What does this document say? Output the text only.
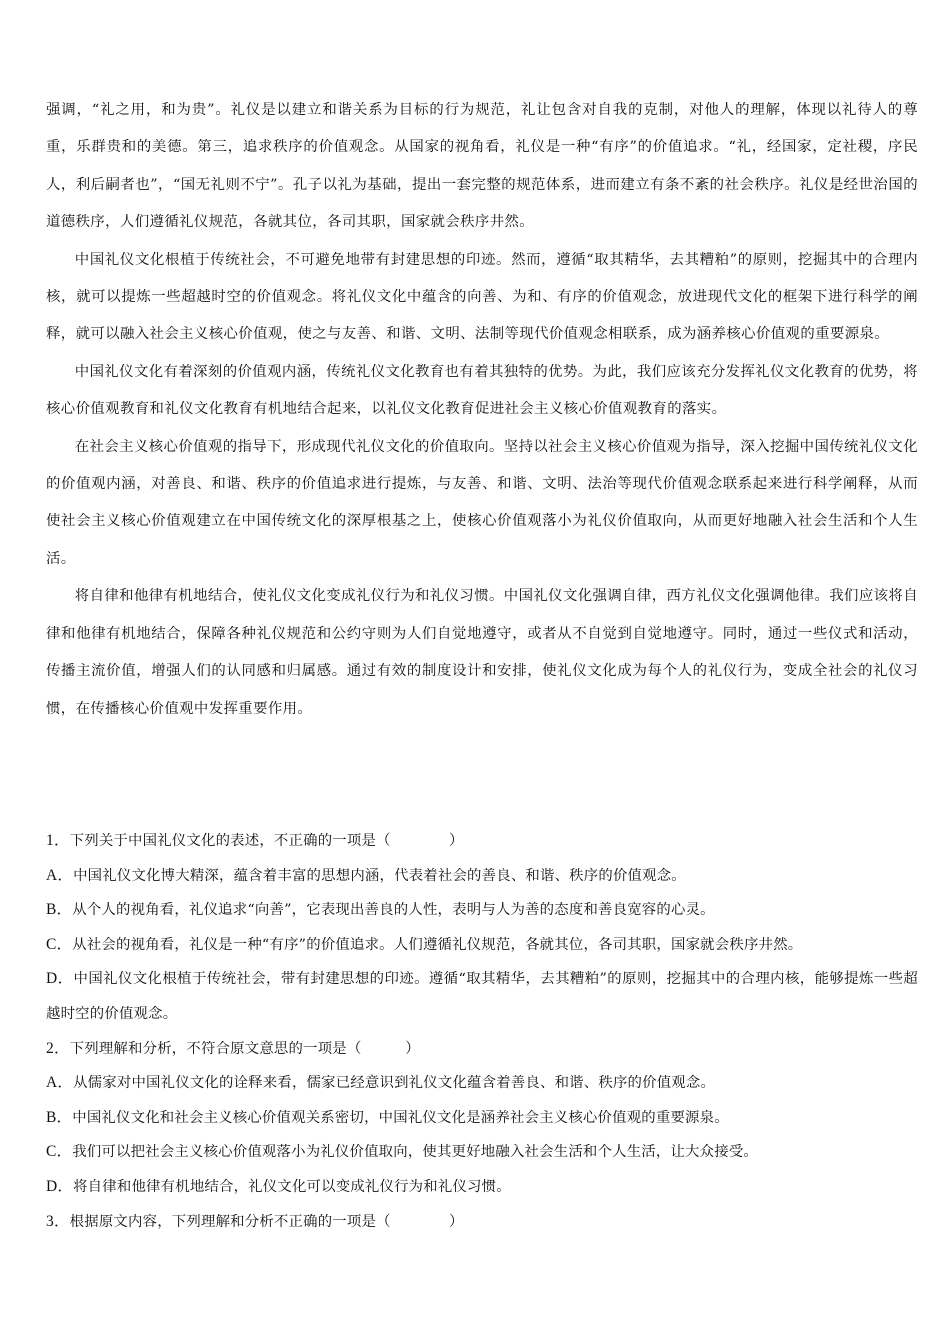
强调，“礼之用，和为贵”。礼仪是以建立和谐关系为目标的行为规范，礼让包含对自我的克制，对他人的理解，体现以礼待人的尊重，乐群贵和的美德。第三，追求秩序的价值观念。从国家的视角看，礼仪是一种“有序”的价值追求。“礼，经国家，定社稷，序民人，利后嗣者也”，“国无礼则不宁”。孔子以礼为基础，提出一套完整的规范体系，进而建立有条不紊的社会秩序。礼仪是经世治国的道德秩序，人们遵循礼仪规范，各就其位，各司其职，国家就会秩序井然。

中国礼仪文化根植于传统社会，不可避免地带有封建思想的印迹。然而，遵循“取其精华，去其糟粕”的原则，挖掘其中的合理内核，就可以提炼一些超越时空的价值观念。将礼仪文化中蕴含的向善、为和、有序的价值观念，放进现代文化的框架下进行科学的阐释，就可以融入社会主义核心价值观，使之与友善、和谐、文明、法制等现代价值观念相联系，成为涵养核心价值观的重要源泉。

中国礼仪文化有着深刻的价值观内涵，传统礼仪文化教育也有着其独特的优势。为此，我们应该充分发挥礼仪文化教育的优势，将核心价值观教育和礼仪文化教育有机地结合起来，以礼仪文化教育促进社会主义核心价值观教育的落实。

在社会主义核心价值观的指导下，形成现代礼仪文化的价值取向。坚持以社会主义核心价值观为指导，深入挖掘中国传统礼仪文化的价值观内涵，对善良、和谐、秩序的价值追求进行提炼，与友善、和谐、文明、法治等现代价值观念联系起来进行科学阐释，从而使社会主义核心价值观建立在中国传统文化的深厚根基之上，使核心价值观落小为礼仪价值取向，从而更好地融入社会生活和个人生活。

将自律和他律有机地结合，使礼仪文化变成礼仪行为和礼仪习惯。中国礼仪文化强调自律，西方礼仪文化强调他律。我们应该将自律和他律有机地结合，保障各种礼仪规范和公约守则为人们自觉地遵守，或者从不自觉到自觉地遵守。同时，通过一些仪式和活动，传播主流价值，增强人们的认同感和归属感。通过有效的制度设计和安排，使礼仪文化成为每个人的礼仪行为，变成全社会的礼仪习惯，在传播核心价值观中发挥重要作用。

1．下列关于中国礼仪文化的表述，不正确的一项是（　　　　）
A．中国礼仪文化博大精深，蕴含着丰富的思想内涵，代表着社会的善良、和谐、秩序的价值观念。
B．从个人的视角看，礼仪追求“向善”，它表现出善良的人性，表明与人为善的态度和善良宽容的心灵。
C．从社会的视角看，礼仪是一种“有序”的价值追求。人们遵循礼仪规范，各就其位，各司其职，国家就会秩序井然。
D．中国礼仪文化根植于传统社会，带有封建思想的印迹。遵循“取其精华，去其糟粕”的原则，挖掘其中的合理内核，能够提炼一些超越时空的价值观念。
2．下列理解和分析，不符合原文意思的一项是（　　　）
A．从儒家对中国礼仪文化的诠释来看，儒家已经意识到礼仪文化蕴含着善良、和谐、秩序的价值观念。
B．中国礼仪文化和社会主义核心价值观关系密切，中国礼仪文化是涵养社会主义核心价值观的重要源泉。
C．我们可以把社会主义核心价值观落小为礼仪价值取向，使其更好地融入社会生活和个人生活，让大众接受。
D．将自律和他律有机地结合，礼仪文化可以变成礼仪行为和礼仪习惯。
3．根据原文内容，下列理解和分析不正确的一项是（　　　　）
